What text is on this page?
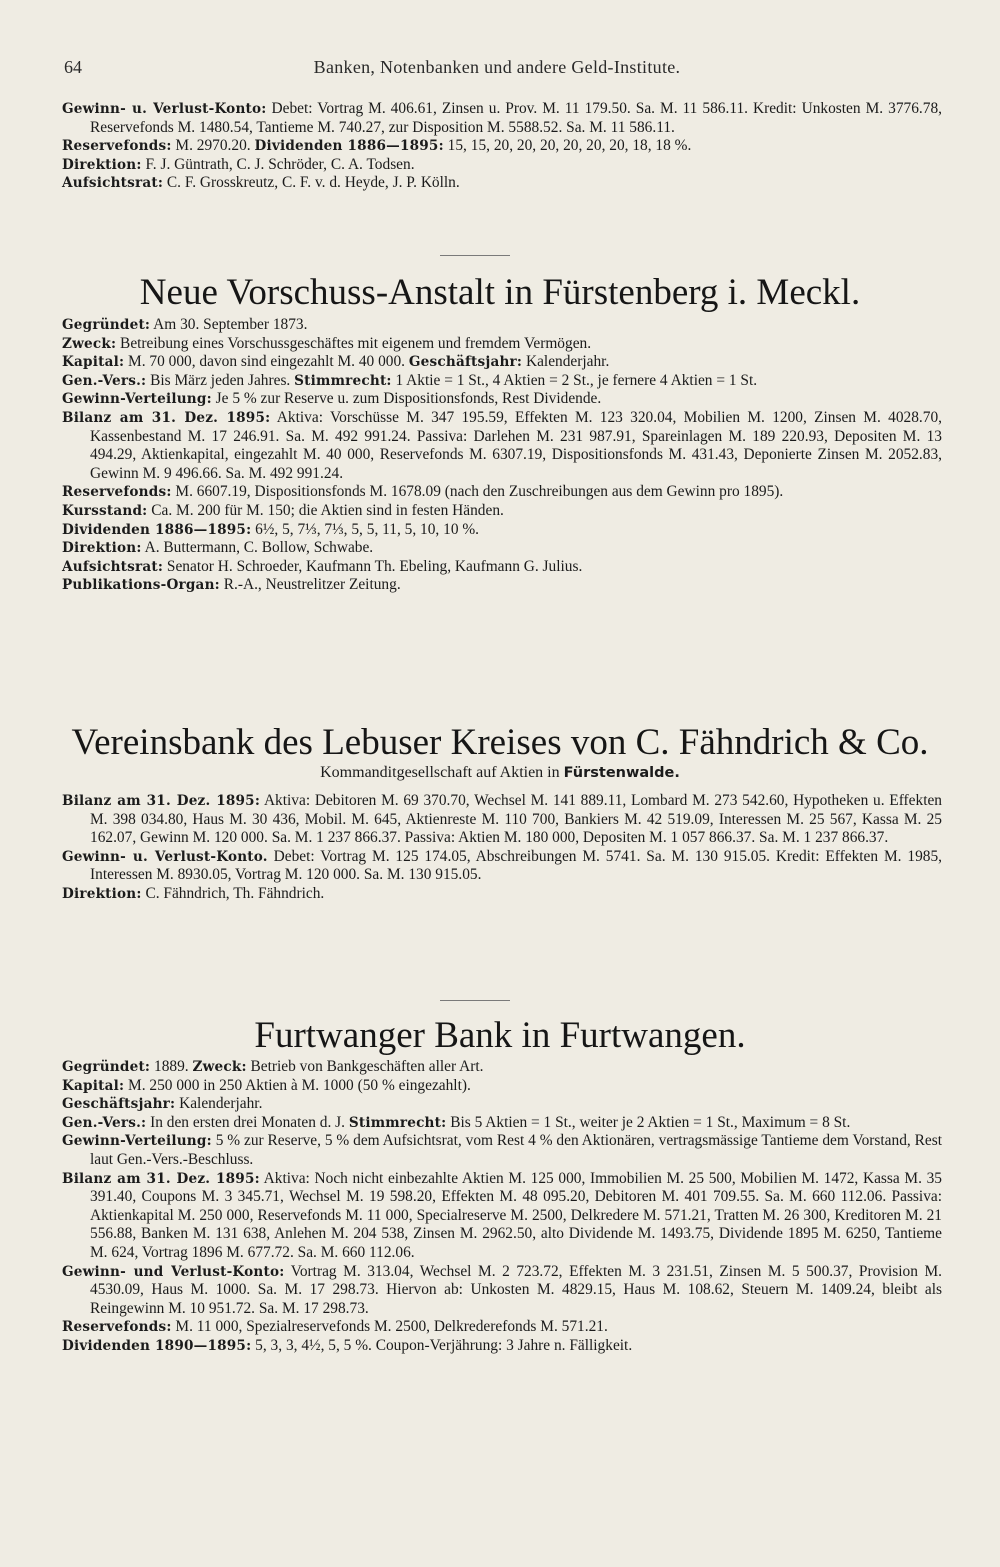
64	Banken, Notenbanken und andere Geld-Institute.

Gewinn- u. Verlust-Konto: Debet: Vortrag M. 406.61, Zinsen u. Prov. M. 11 179.50. Sa. M. 11 586.11. Kredit: Unkosten M. 3776.78, Reservefonds M. 1480.54, Tantieme M. 740.27, zur Disposition M. 5588.52. Sa. M. 11 586.11.

Reservefonds: M. 2970.20. Dividenden 1886—1895: 15, 15, 20, 20, 20, 20, 20, 20, 18, 18 %.

Direktion: F. J. Güntrath, C. J. Schröder, C. A. Todsen.

Aufsichtsrat: C. F. Grosskreutz, C. F. v. d. Heyde, J. P. Kölln.

Neue Vorschuss-Anstalt in Fürstenberg i. Meckl.

Gegründet: Am 30. September 1873.

Zweck: Betreibung eines Vorschussgeschäftes mit eigenem und fremdem Vermögen.

Kapital: M. 70 000, davon sind eingezahlt M. 40 000. Geschäftsjahr: Kalenderjahr.

Gen.-Vers.: Bis März jeden Jahres. Stimmrecht: 1 Aktie = 1 St., 4 Aktien = 2 St., je fernere 4 Aktien = 1 St.

Gewinn-Verteilung: Je 5 % zur Reserve u. zum Dispositionsfonds, Rest Dividende.

Bilanz am 31. Dez. 1895: Aktiva: Vorschüsse M. 347 195.59, Effekten M. 123 320.04, Mobilien M. 1200, Zinsen M. 4028.70, Kassenbestand M. 17 246.91. Sa. M. 492 991.24. Passiva: Darlehen M. 231 987.91, Spareinlagen M. 189 220.93, Depositen M. 13 494.29, Aktienkapital, eingezahlt M. 40 000, Reservefonds M. 6307.19, Dispositionsfonds M. 431.43, Deponierte Zinsen M. 2052.83, Gewinn M. 9 496.66. Sa. M. 492 991.24.

Reservefonds: M. 6607.19, Dispositionsfonds M. 1678.09 (nach den Zuschreibungen aus dem Gewinn pro 1895).

Kursstand: Ca. M. 200 für M. 150; die Aktien sind in festen Händen.

Dividenden 1886—1895: 6½, 5, 7⅓, 7⅓, 5, 5, 11, 5, 10, 10 %.

Direktion: A. Buttermann, C. Bollow, Schwabe.

Aufsichtsrat: Senator H. Schroeder, Kaufmann Th. Ebeling, Kaufmann G. Julius.

Publikations-Organ: R.-A., Neustrelitzer Zeitung.

Vereinsbank des Lebuser Kreises von C. Fähndrich & Co.
Kommanditgesellschaft auf Aktien in Fürstenwalde.

Bilanz am 31. Dez. 1895: Aktiva: Debitoren M. 69 370.70, Wechsel M. 141 889.11, Lombard M. 273 542.60, Hypotheken u. Effekten M. 398 034.80, Haus M. 30 436, Mobil. M. 645, Aktienreste M. 110 700, Bankiers M. 42 519.09, Interessen M. 25 567, Kassa M. 25 162.07, Gewinn M. 120 000. Sa. M. 1 237 866.37. Passiva: Aktien M. 180 000, Depositen M. 1 057 866.37. Sa. M. 1 237 866.37.

Gewinn- u. Verlust-Konto. Debet: Vortrag M. 125 174.05, Abschreibungen M. 5741. Sa. M. 130 915.05. Kredit: Effekten M. 1985, Interessen M. 8930.05, Vortrag M. 120 000. Sa. M. 130 915.05.

Direktion: C. Fähndrich, Th. Fähndrich.

Furtwanger Bank in Furtwangen.

Gegründet: 1889. Zweck: Betrieb von Bankgeschäften aller Art.

Kapital: M. 250 000 in 250 Aktien à M. 1000 (50 % eingezahlt).

Geschäftsjahr: Kalenderjahr.

Gen.-Vers.: In den ersten drei Monaten d. J. Stimmrecht: Bis 5 Aktien = 1 St., weiter je 2 Aktien = 1 St., Maximum = 8 St.

Gewinn-Verteilung: 5 % zur Reserve, 5 % dem Aufsichtsrat, vom Rest 4 % den Aktionären, vertragsmässige Tantieme dem Vorstand, Rest laut Gen.-Vers.-Beschluss.

Bilanz am 31. Dez. 1895: Aktiva: Noch nicht einbezahlte Aktien M. 125 000, Immobilien M. 25 500, Mobilien M. 1472, Kassa M. 35 391.40, Coupons M. 3 345.71, Wechsel M. 19 598.20, Effekten M. 48 095.20, Debitoren M. 401 709.55. Sa. M. 660 112.06. Passiva: Aktienkapital M. 250 000, Reservefonds M. 11 000, Specialreserve M. 2500, Delkredere M. 571.21, Tratten M. 26 300, Kreditoren M. 21 556.88, Banken M. 131 638, Anlehen M. 204 538, Zinsen M. 2962.50, alto Dividende M. 1493.75, Dividende 1895 M. 6250, Tantieme M. 624, Vortrag 1896 M. 677.72. Sa. M. 660 112.06.

Gewinn- und Verlust-Konto: Vortrag M. 313.04, Wechsel M. 2 723.72, Effekten M. 3 231.51, Zinsen M. 5 500.37, Provision M. 4530.09, Haus M. 1000. Sa. M. 17 298.73. Hiervon ab: Unkosten M. 4829.15, Haus M. 108.62, Steuern M. 1409.24, bleibt als Reingewinn M. 10 951.72. Sa. M. 17 298.73.

Reservefonds: M. 11 000, Spezialreservefonds M. 2500, Delkrederefonds M. 571.21.

Dividenden 1890—1895: 5, 3, 3, 4½, 5, 5 %. Coupon-Verjährung: 3 Jahre n. Fälligkeit.
